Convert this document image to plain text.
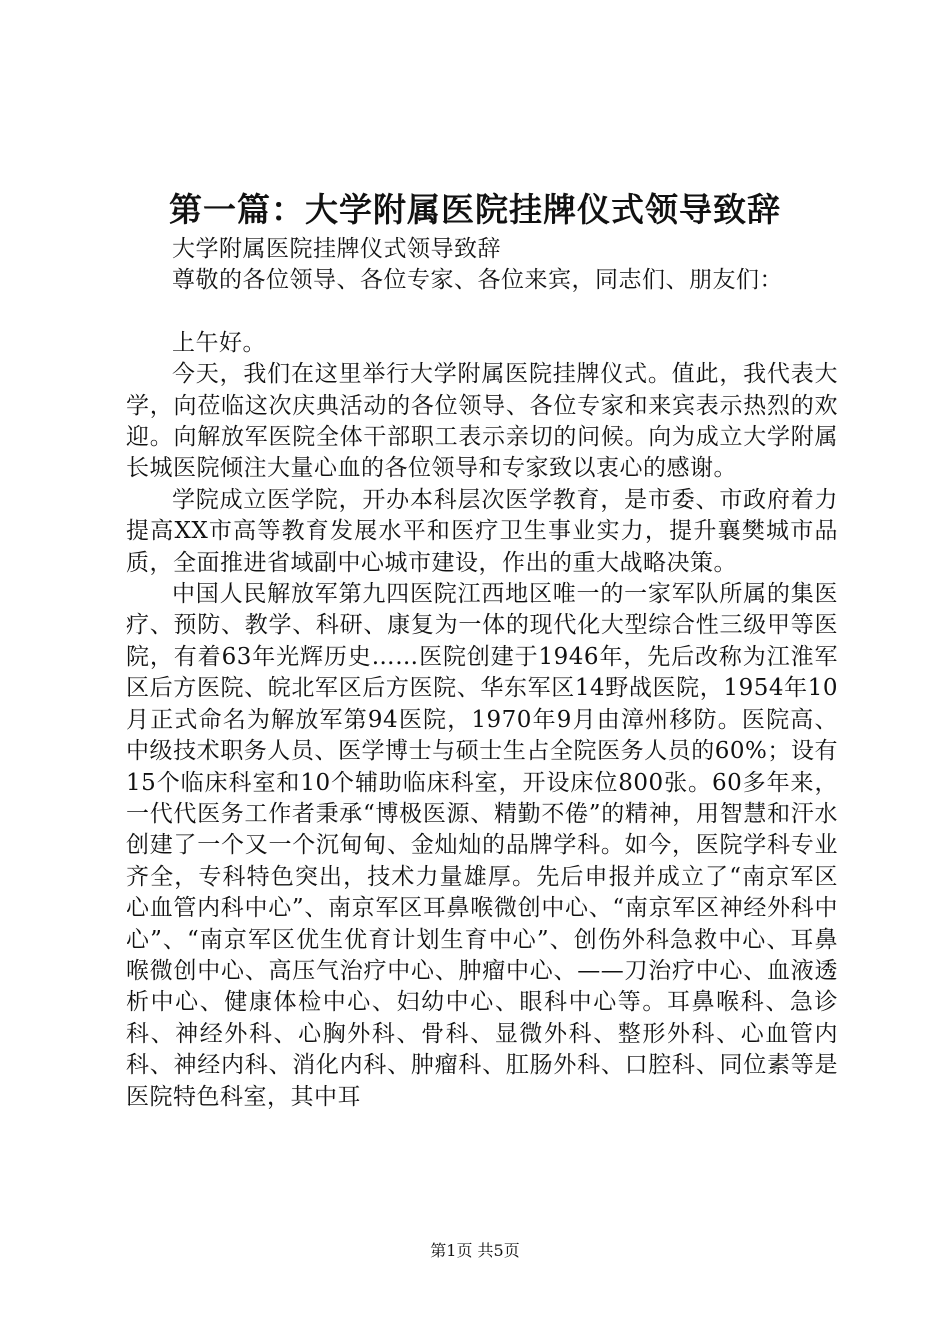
第一篇：大学附属医院挂牌仪式领导致辞

大学附属医院挂牌仪式领导致辞

尊敬的各位领导、各位专家、各位来宾，同志们、朋友们：

上午好。

今天，我们在这里举行大学附属医院挂牌仪式。值此，我代表大学，向莅临这次庆典活动的各位领导、各位专家和来宾表示热烈的欢迎。向解放军医院全体干部职工表示亲切的问候。向为成立大学附属长城医院倾注大量心血的各位领导和专家致以衷心的感谢。

学院成立医学院，开办本科层次医学教育，是市委、市政府着力提高XX市高等教育发展水平和医疗卫生事业实力，提升襄樊城市品质，全面推进省域副中心城市建设，作出的重大战略决策。

中国人民解放军第九四医院江西地区唯一的一家军队所属的集医疗、预防、教学、科研、康复为一体的现代化大型综合性三级甲等医院，有着63年光辉历史……医院创建于1946年，先后改称为江淮军区后方医院、皖北军区后方医院、华东军区14野战医院，1954年10月正式命名为解放军第94医院，1970年9月由漳州移防。医院高、中级技术职务人员、医学博士与硕士生占全院医务人员的60%；设有15个临床科室和10个辅助临床科室，开设床位800张。60多年来，一代代医务工作者秉承“博极医源、精勤不倦”的精神，用智慧和汗水创建了一个又一个沉甸甸、金灿灿的品牌学科。如今，医院学科专业齐全，专科特色突出，技术力量雄厚。先后申报并成立了“南京军区心血管内科中心”、南京军区耳鼻喉微创中心、“南京军区神经外科中心”、“南京军区优生优育计划生育中心”、创伤外科急救中心、耳鼻喉微创中心、高压气治疗中心、肿瘤中心、——刀治疗中心、血液透析中心、健康体检中心、妇幼中心、眼科中心等。耳鼻喉科、急诊科、神经外科、心胸外科、骨科、显微外科、整形外科、心血管内科、神经内科、消化内科、肿瘤科、肛肠外科、口腔科、同位素等是医院特色科室，其中耳

第1页 共5页
